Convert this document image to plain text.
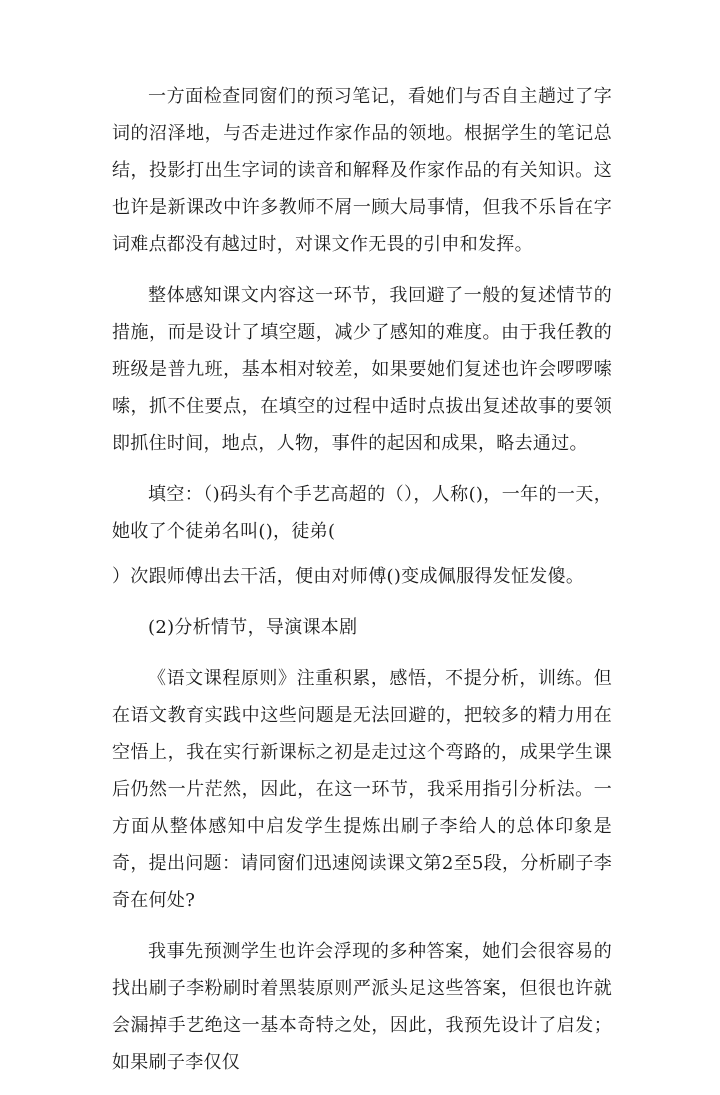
一方面检查同窗们的预习笔记，看她们与否自主趟过了字词的沼泽地，与否走进过作家作品的领地。根据学生的笔记总结，投影打出生字词的读音和解释及作家作品的有关知识。这也许是新课改中许多教师不屑一顾大局事情，但我不乐旨在字词难点都没有越过时，对课文作无畏的引申和发挥。

整体感知课文内容这一环节，我回避了一般的复述情节的措施，而是设计了填空题，减少了感知的难度。由于我任教的班级是普九班，基本相对较差，如果要她们复述也许会啰啰嗦嗦，抓不住要点，在填空的过程中适时点拔出复述故事的要领即抓住时间，地点，人物，事件的起因和成果，略去通过。

填空：（)码头有个手艺高超的（），人称()，一年的一天，她收了个徒弟名叫()，徒弟(

）次跟师傅出去干活，便由对师傅()变成佩服得发怔发傻。

(2)分析情节，导演课本剧

《语文课程原则》注重积累，感悟，不提分析，训练。但在语文教育实践中这些问题是无法回避的，把较多的精力用在空悟上，我在实行新课标之初是走过这个弯路的，成果学生课后仍然一片茫然，因此，在这一环节，我采用指引分析法。一方面从整体感知中启发学生提炼出刷子李给人的总体印象是奇，提出问题：请同窗们迅速阅读课文第2至5段，分析刷子李奇在何处?

我事先预测学生也许会浮现的多种答案，她们会很容易的找出刷子李粉刷时着黑装原则严派头足这些答案，但很也许就会漏掉手艺绝这一基本奇特之处，因此，我预先设计了启发；如果刷子李仅仅
